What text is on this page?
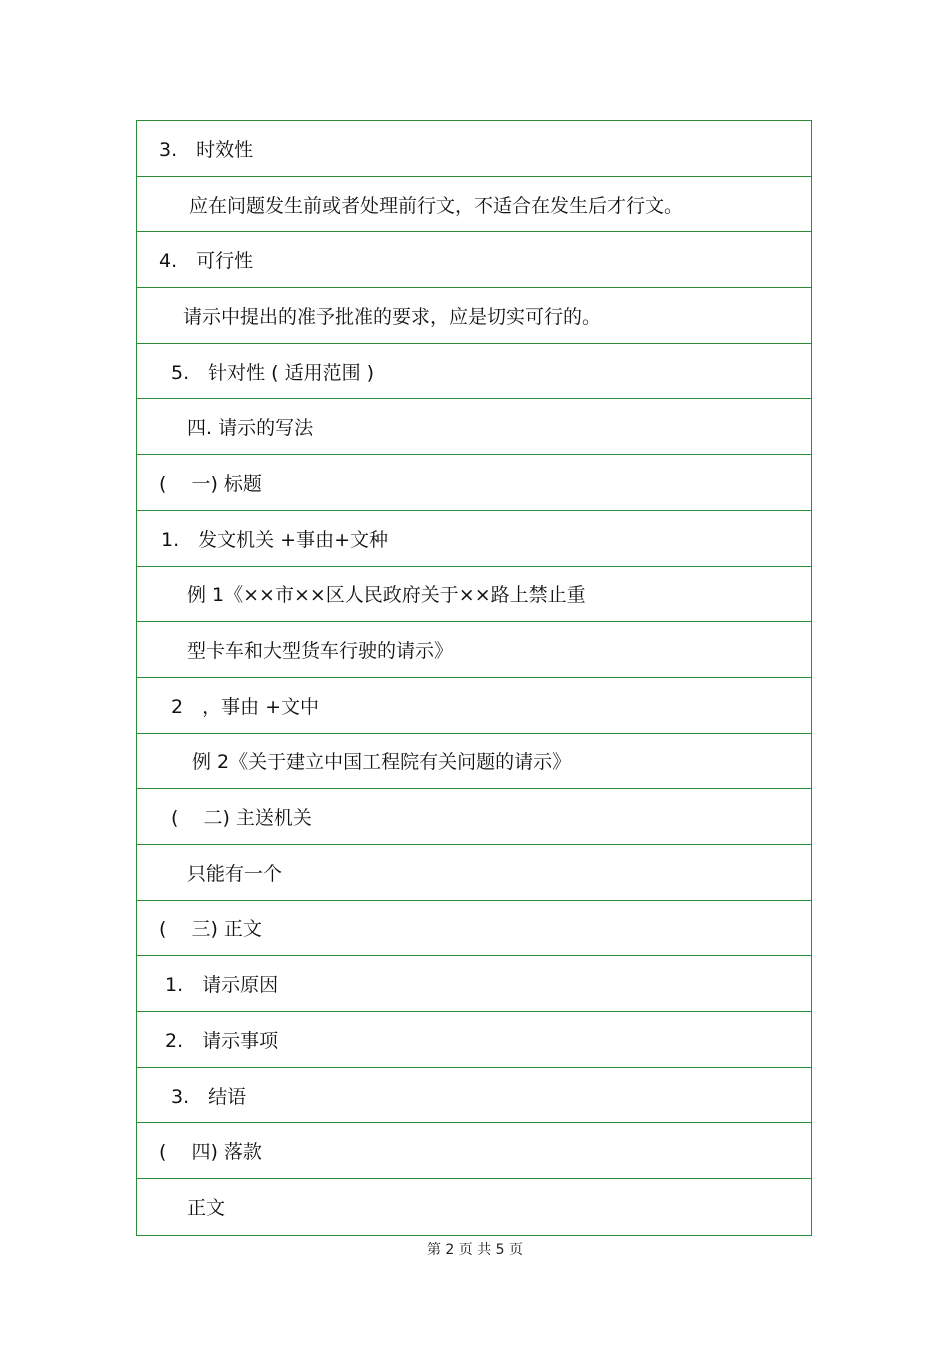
3. 时效性
应在问题发生前或者处理前行文，不适合在发生后才行文。
4. 可行性
请示中提出的准予批准的要求，应是切实可行的。
5. 针对性 ( 适用范围 )
四. 请示的写法
(  一) 标题
1. 发文机关 +事由+文种
例 1《××市××区人民政府关于××路上禁止重
型卡车和大型货车行驶的请示》
2 ，事由 +文中
例 2《关于建立中国工程院有关问题的请示》
(  二) 主送机关
只能有一个
(  三) 正文
1. 请示原因
2. 请示事项
3. 结语
(  四) 落款
正文
第 2 页 共 5 页
